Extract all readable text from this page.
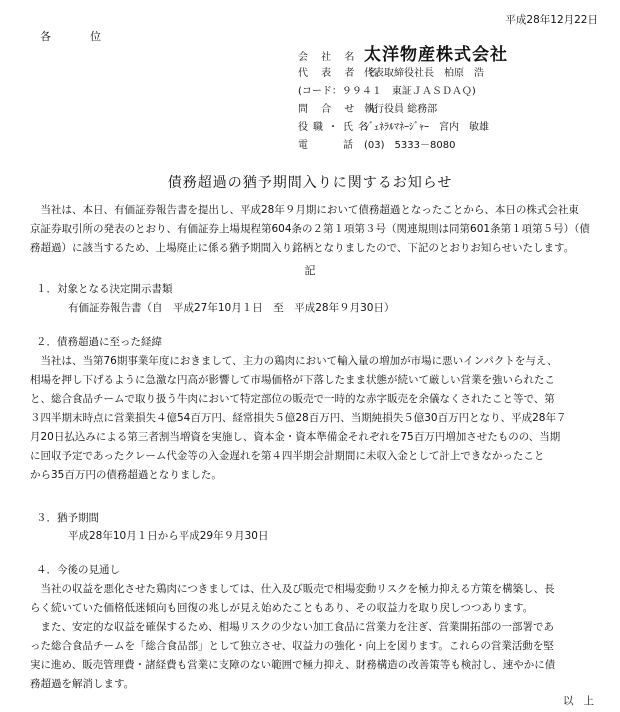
平成28年12月22日
各　位
会 社 名 太洋物産株式会社
代 表 者 名
代表取締役社長　柏原　浩
(コード：９９４１　東証ＪＡＳＤＡＱ)
問 合 せ 先
執行役員 総務部
役職・氏名
ｼﾞｪﾈﾗﾙﾏﾈｰｼﾞｬｰ　宮内　敏雄
電　　話 (03)　5333－8080
債務超過の猶予期間入りに関するお知らせ
　当社は、本日、有価証券報告書を提出し、平成28年９月期において債務超過となったことから、本日の株式会社東
京証券取引所の発表のとおり、有価証券上場規程第604条の２第１項第３号（関連規則は同第601条第１項第５号）（債
務超過）に該当するため、上場廃止に係る猶予期間入り銘柄となりましたので、下記のとおりお知らせいたします。
記
１．対象となる決定開示書類
有価証券報告書（自　平成27年10月１日　至　平成28年９月30日）
２．債務超過に至った経緯
　当社は、当第76期事業年度におきまして、主力の鶏肉において輸入量の増加が市場に悪いインパクトを与え、
相場を押し下げるように急激な円高が影響して市場価格が下落したまま状態が続いて厳しい営業を強いられたこ
と、総合食品チームで取り扱う牛肉において特定部位の販売で一時的な赤字販売を余儀なくされたこと等で、第
３四半期末時点に営業損失４億54百万円、経常損失５億28百万円、当期純損失５億30百万円となり、平成28年７
月20日払込みによる第三者割当増資を実施し、資本金・資本準備金それぞれを75百万円増加させたものの、当期
に回収予定であったクレーム代金等の入金遅れを第４四半期会計期間に未収入金として計上できなかったこと
から35百万円の債務超過となりました。
３．猶予期間
平成28年10月１日から平成29年９月30日
４．今後の見通し
　当社の収益を悪化させた鶏肉につきましては、仕入及び販売で相場変動リスクを極力抑える方策を構築し、長
らく続いていた価格低迷傾向も回復の兆しが見え始めたこともあり、その収益力を取り戻しつつあります。
　また、安定的な収益を確保するため、相場リスクの少ない加工食品に営業力を注ぎ、営業開拓部の一部署であ
った総合食品チームを「総合食品部」として独立させ、収益力の強化・向上を図ります。これらの営業活動を堅
実に進め、販売管理費・諸経費も営業に支障のない範囲で極力抑え、財務構造の改善策等も検討し、速やかに債
務超過を解消します。
以上
